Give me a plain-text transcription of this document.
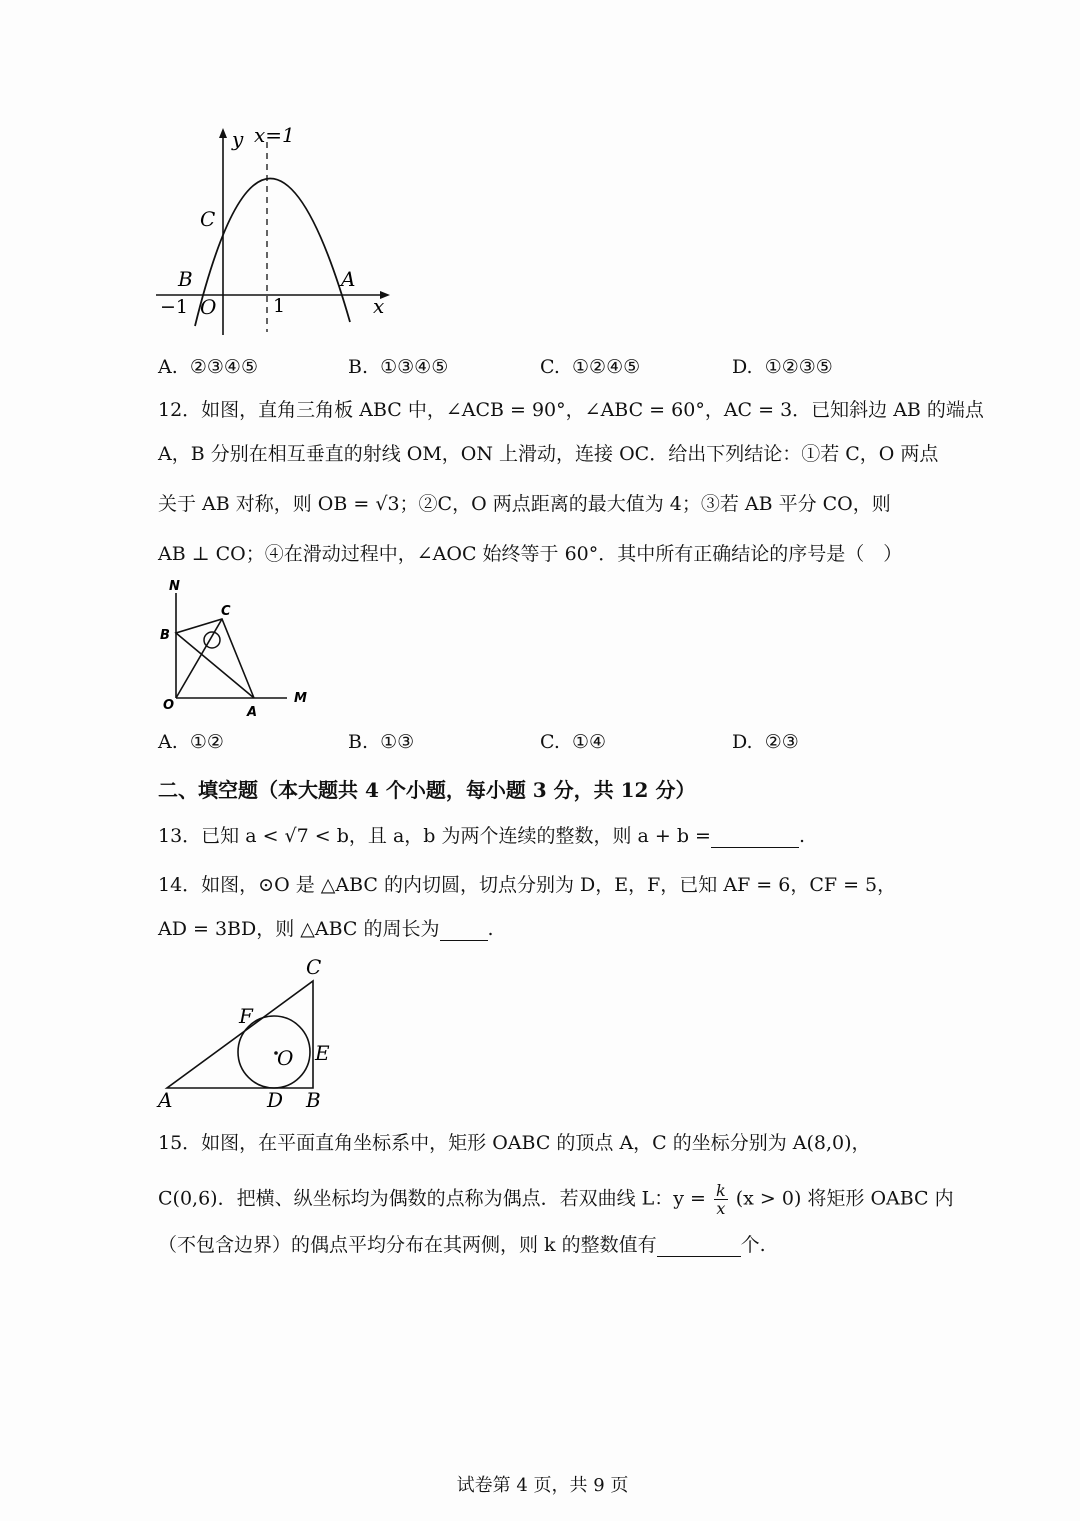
y x=1
C
B	A
−1 O	1	x
A. ②③④⑤	B. ①③④⑤	C. ①②④⑤	D. ①②③⑤
12．如图，直角三角板 ABC 中，∠ACB = 90°，∠ABC = 60°，AC = 3．已知斜边 AB 的端点
A，B 分别在相互垂直的射线 OM，ON 上滑动，连接 OC．给出下列结论：①若 C，O 两点
关于 AB 对称，则 OB = √3；②C，O 两点距离的最大值为 4；③若 AB 平分 CO，则
AB ⊥ CO；④在滑动过程中，∠AOC 始终等于 60°．其中所有正确结论的序号是（　）
N
C
B
O	A
M
A. ①②	B. ①③	C. ①④	D. ②③
二、填空题（本大题共 4 个小题，每小题 3 分，共 12 分）
13．已知 a < √7 < b，且 a，b 为两个连续的整数，则 a + b =	.
14．如图，⊙O 是 △ABC 的内切圆，切点分别为 D，E，F，已知 AF = 6，CF = 5，
AD = 3BD，则 △ABC 的周长为	.
C
F
E
O
A	D B
15．如图，在平面直角坐标系中，矩形 OABC 的顶点 A，C 的坐标分别为 A(8,0)，
C(0,6)．把横、纵坐标均为偶数的点称为偶点．若双曲线 L：$y = \frac{k}{x} (x > 0)$ 将矩形 OABC 内
（不包含边界）的偶点平均分布在其两侧，则 k 的整数值有	个.
试卷第 4 页，共 9 页
